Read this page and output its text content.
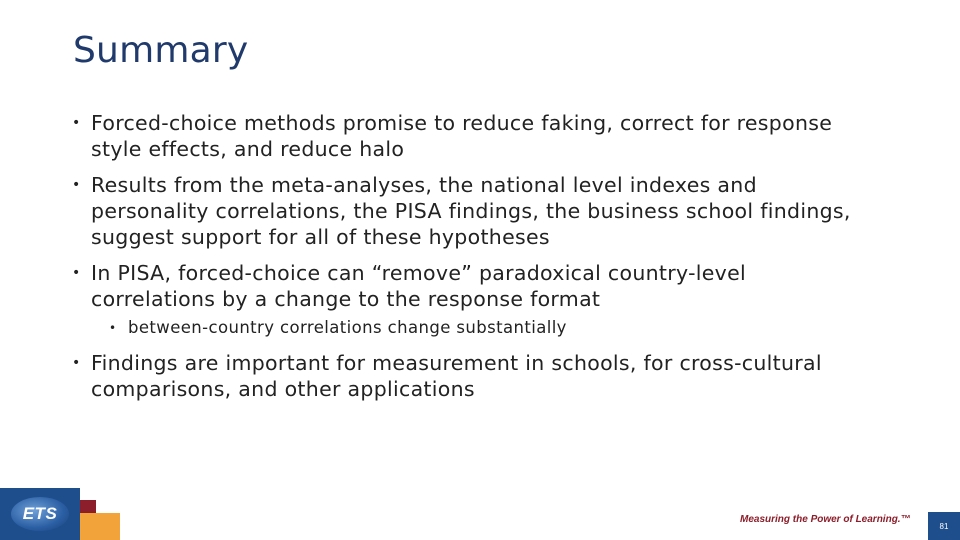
Summary
• Forced-choice methods promise to reduce faking, correct for response style effects, and reduce halo
• Results from the meta-analyses, the national level indexes and personality correlations, the PISA findings, the business school findings, suggest support for all of these hypotheses
• In PISA, forced-choice can “remove” paradoxical country-level correlations by a change to the response format
• between-country correlations change substantially
• Findings are important for measurement in schools, for cross-cultural comparisons, and other applications
ETS	Measuring the Power of Learning.™
81
